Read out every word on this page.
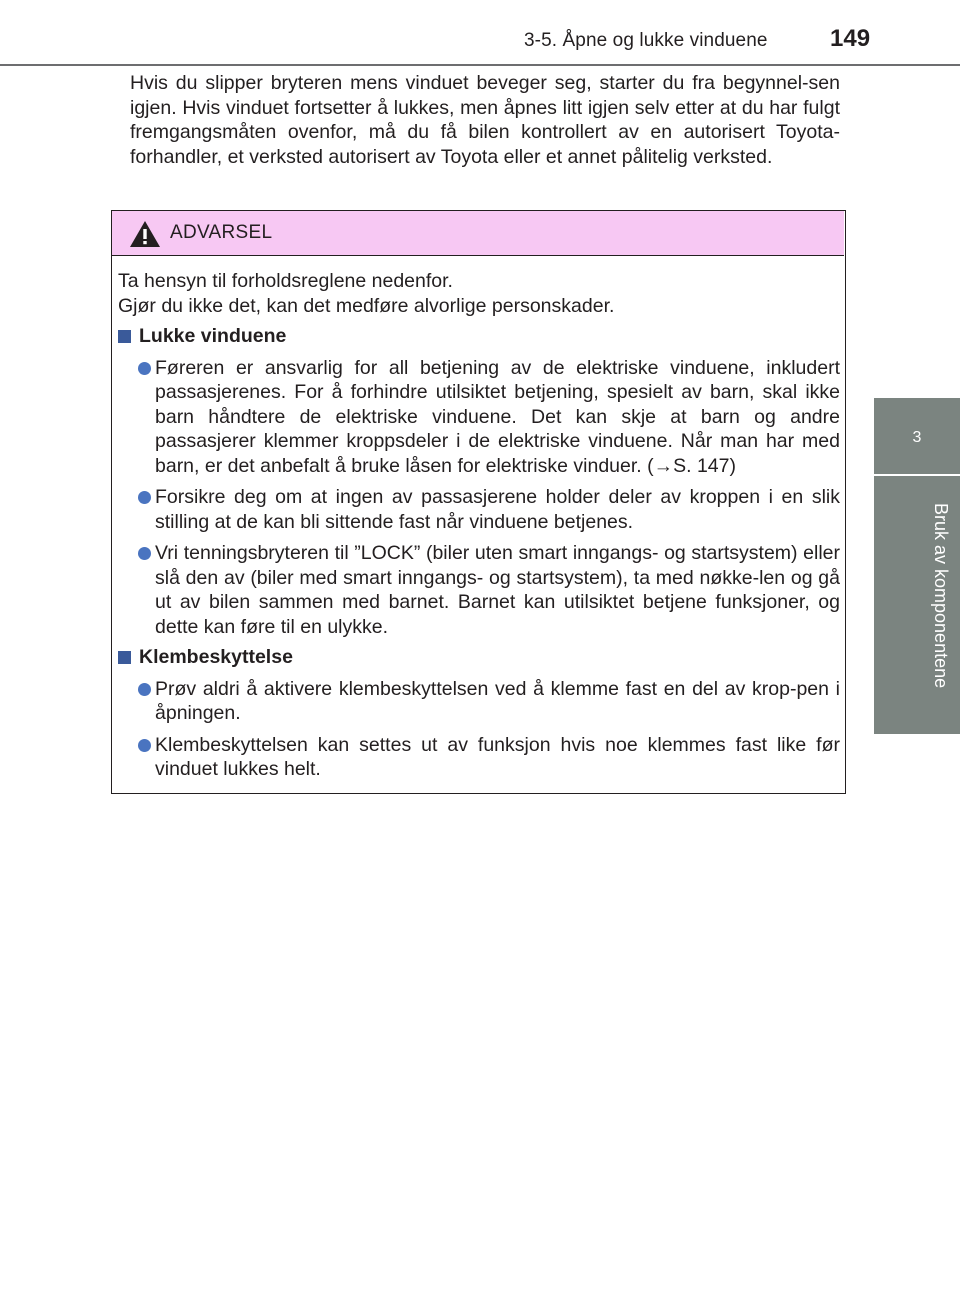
3-5. Åpne og lukke vinduene	149
3
Bruk av komponentene

Hvis du slipper bryteren mens vinduet beveger seg, starter du fra begynnel-sen igjen. Hvis vinduet fortsetter å lukkes, men åpnes litt igjen selv etter at du har fulgt fremgangsmåten ovenfor, må du få bilen kontrollert av en autorisert Toyota-forhandler, et verksted autorisert av Toyota eller et annet pålitelig verksted.

ADVARSEL

Ta hensyn til forholdsreglene nedenfor.

Gjør du ikke det, kan det medføre alvorlige personskader.

Lukke vinduene

Føreren er ansvarlig for all betjening av de elektriske vinduene, inkludert passasjerenes. For å forhindre utilsiktet betjening, spesielt av barn, skal ikke barn håndtere de elektriske vinduene. Det kan skje at barn og andre passasjerer klemmer kroppsdeler i de elektriske vinduene. Når man har med barn, er det anbefalt å bruke låsen for elektriske vinduer. (→S. 147)

Forsikre deg om at ingen av passasjerene holder deler av kroppen i en slik stilling at de kan bli sittende fast når vinduene betjenes.

Vri tenningsbryteren til ”LOCK” (biler uten smart inngangs- og startsystem) eller slå den av (biler med smart inngangs- og startsystem), ta med nøkke-len og gå ut av bilen sammen med barnet. Barnet kan utilsiktet betjene funksjoner, og dette kan føre til en ulykke.

Klembeskyttelse

Prøv aldri å aktivere klembeskyttelsen ved å klemme fast en del av krop-pen i åpningen.

Klembeskyttelsen kan settes ut av funksjon hvis noe klemmes fast like før vinduet lukkes helt.
